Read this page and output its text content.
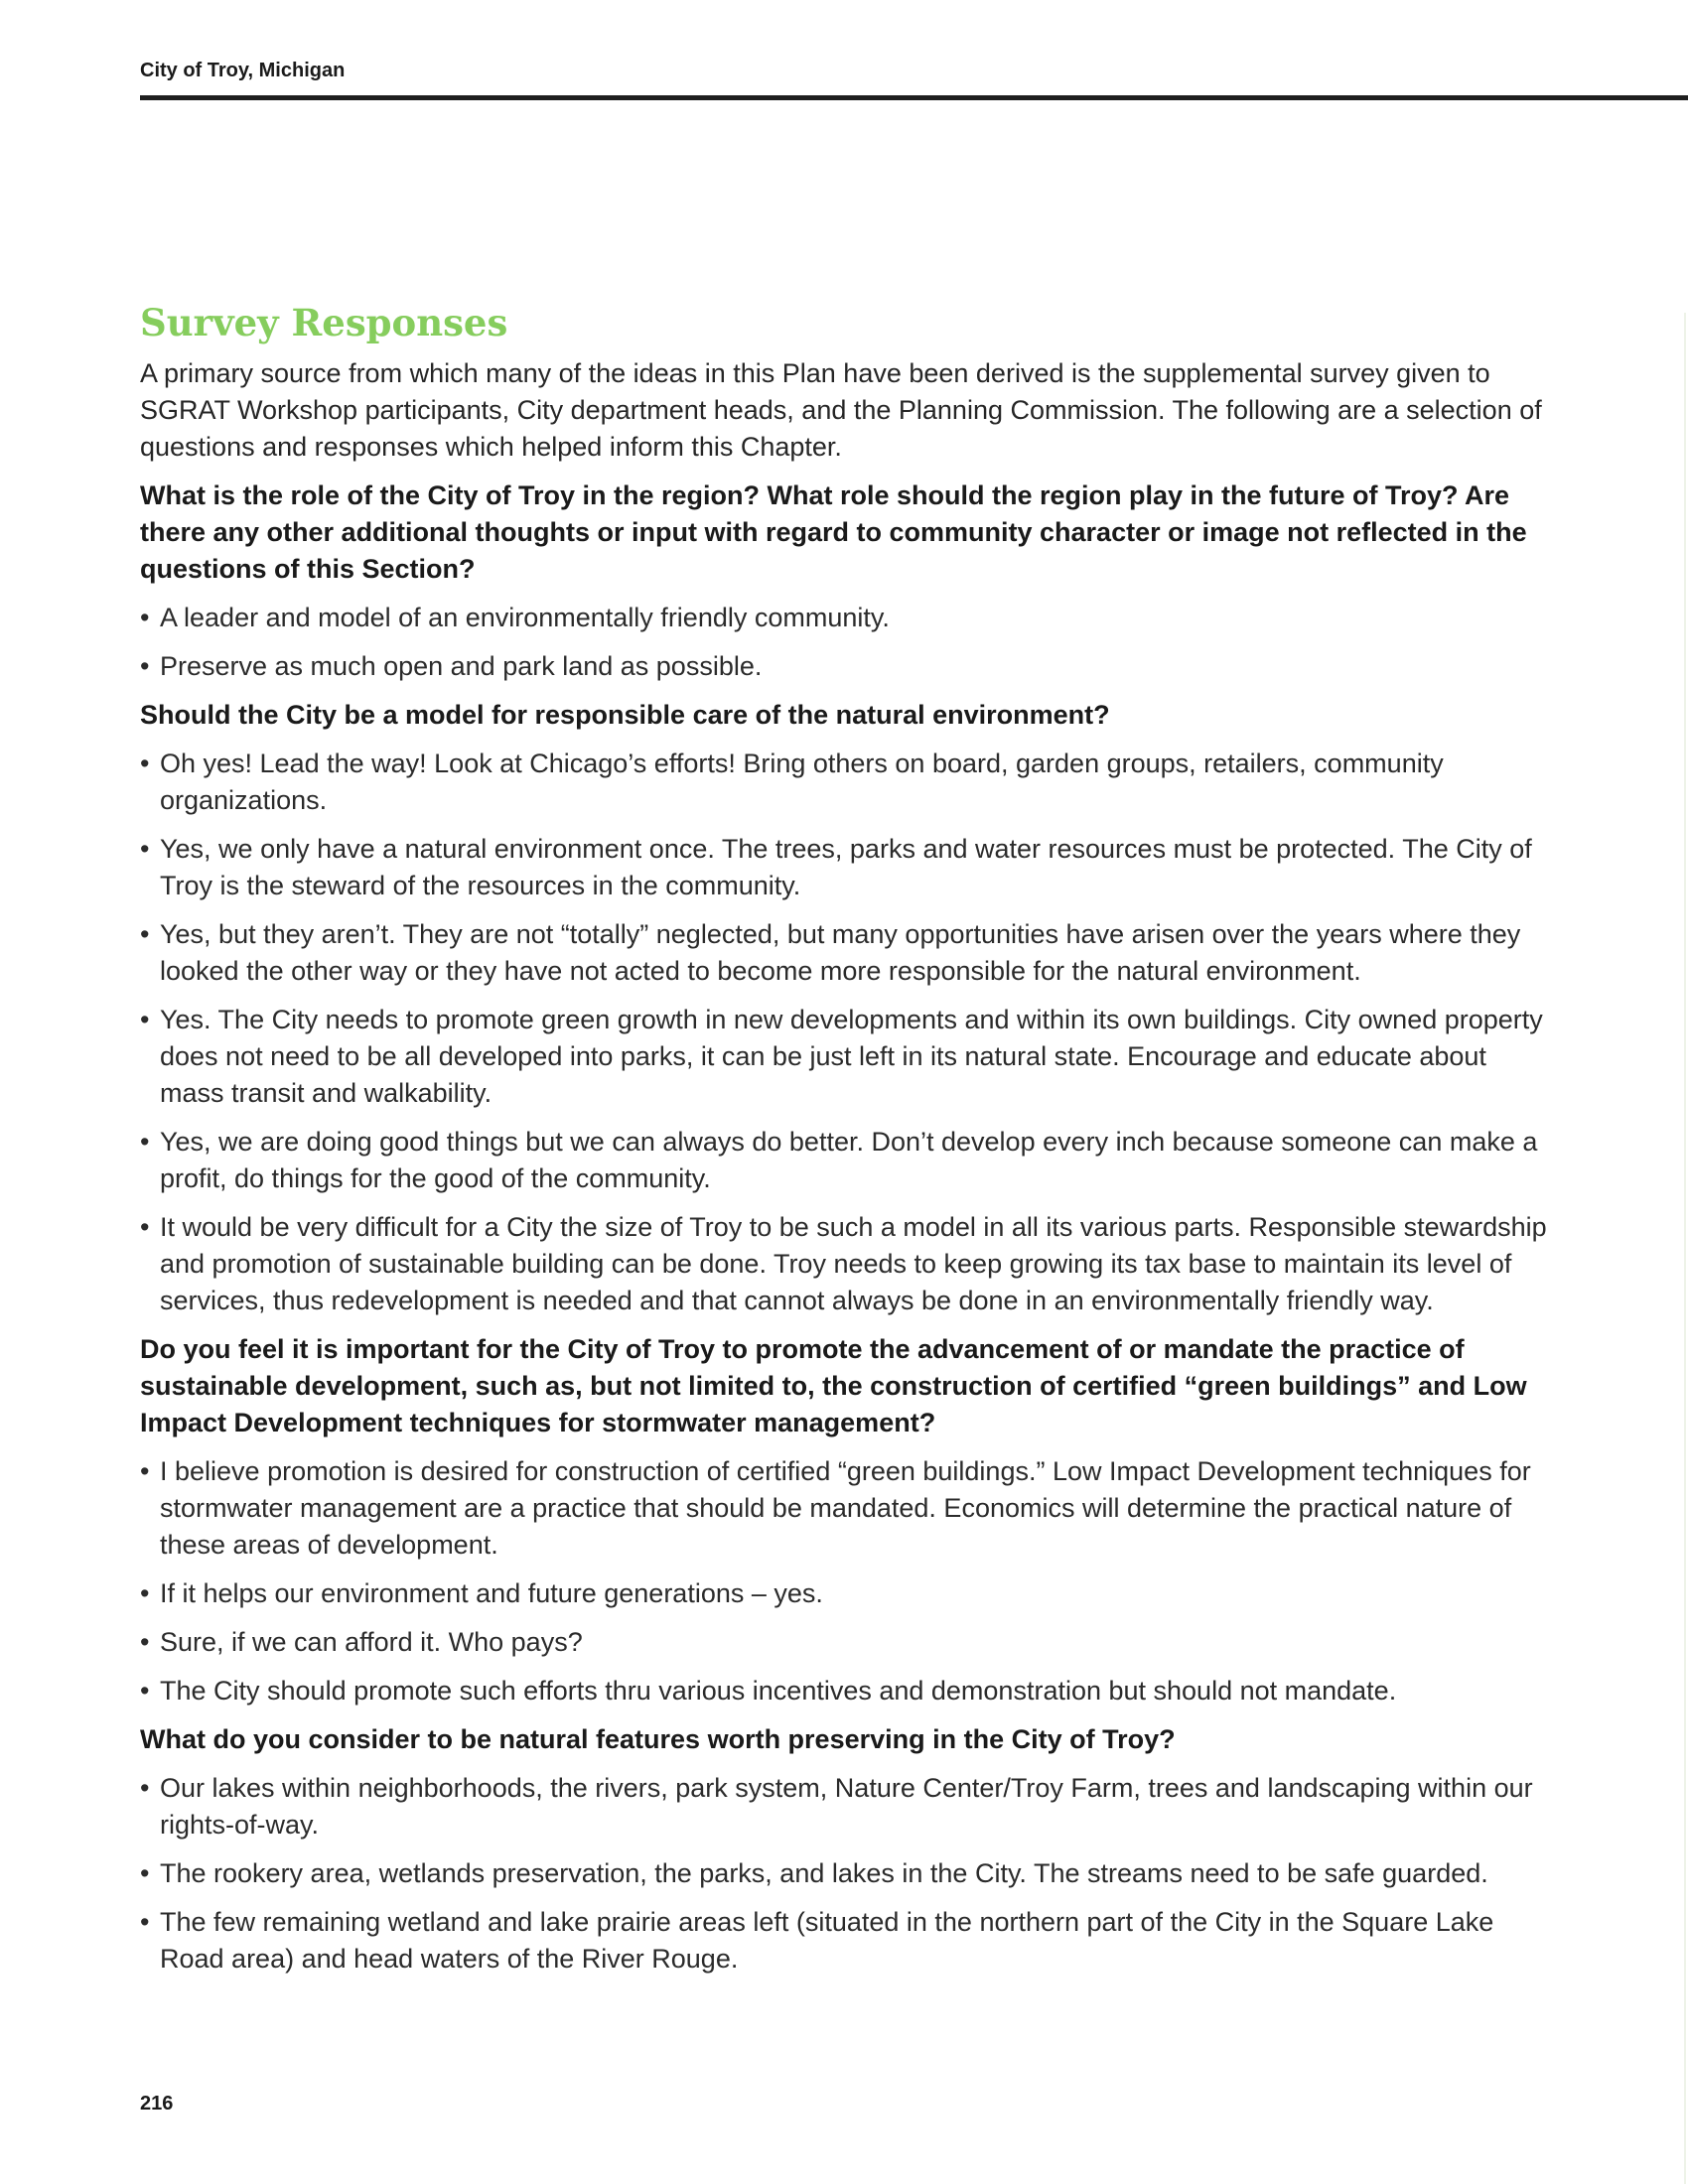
City of Troy, Michigan
Survey Responses

A primary source from which many of the ideas in this Plan have been derived is the supplemental survey given to SGRAT Workshop participants, City department heads, and the Planning Commission. The following are a selection of questions and responses which helped inform this Chapter.

What is the role of the City of Troy in the region? What role should the region play in the future of Troy? Are there any other additional thoughts or input with regard to community character or image not reflected in the questions of this Section?

• A leader and model of an environmentally friendly community.
• Preserve as much open and park land as possible.

Should the City be a model for responsible care of the natural environment?

• Oh yes! Lead the way! Look at Chicago’s efforts! Bring others on board, garden groups, retailers, community organizations.
• Yes, we only have a natural environment once. The trees, parks and water resources must be protected. The City of Troy is the steward of the resources in the community.
• Yes, but they aren’t. They are not “totally” neglected, but many opportunities have arisen over the years where they looked the other way or they have not acted to become more responsible for the natural environment.
• Yes. The City needs to promote green growth in new developments and within its own buildings. City owned property does not need to be all developed into parks, it can be just left in its natural state. Encourage and educate about mass transit and walkability.
• Yes, we are doing good things but we can always do better. Don’t develop every inch because someone can make a profit, do things for the good of the community.
• It would be very difficult for a City the size of Troy to be such a model in all its various parts. Responsible stewardship and promotion of sustainable building can be done. Troy needs to keep growing its tax base to maintain its level of services, thus redevelopment is needed and that cannot always be done in an environmentally friendly way.

Do you feel it is important for the City of Troy to promote the advancement of or mandate the practice of sustainable development, such as, but not limited to, the construction of certified “green buildings” and Low Impact Development techniques for stormwater management?

• I believe promotion is desired for construction of certified “green buildings.” Low Impact Development techniques for stormwater management are a practice that should be mandated. Economics will determine the practical nature of these areas of development.
• If it helps our environment and future generations – yes.
• Sure, if we can afford it. Who pays?
• The City should promote such efforts thru various incentives and demonstration but should not mandate.

What do you consider to be natural features worth preserving in the City of Troy?

• Our lakes within neighborhoods, the rivers, park system, Nature Center/Troy Farm, trees and landscaping within our rights-of-way.
• The rookery area, wetlands preservation, the parks, and lakes in the City. The streams need to be safe guarded.
• The few remaining wetland and lake prairie areas left (situated in the northern part of the City in the Square Lake Road area) and head waters of the River Rouge.
216
